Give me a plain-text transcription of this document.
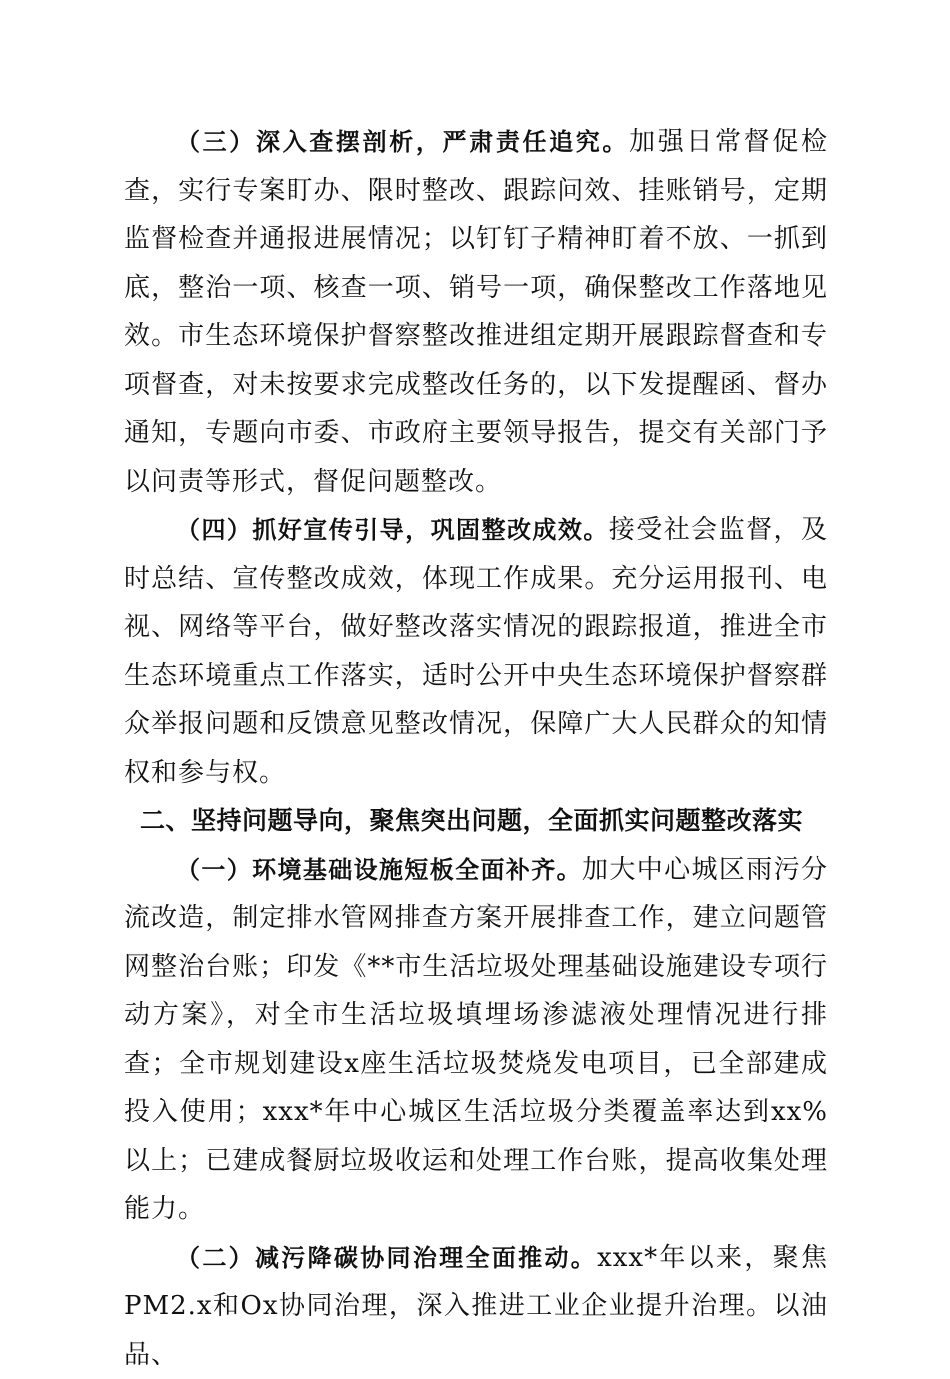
（三）深入查摆剖析，严肃责任追究。加强日常督促检查，实行专案盯办、限时整改、跟踪问效、挂账销号，定期监督检查并通报进展情况；以钉钉子精神盯着不放、一抓到底，整治一项、核查一项、销号一项，确保整改工作落地见效。市生态环境保护督察整改推进组定期开展跟踪督查和专项督查，对未按要求完成整改任务的，以下发提醒函、督办通知，专题向市委、市政府主要领导报告，提交有关部门予以问责等形式，督促问题整改。

（四）抓好宣传引导，巩固整改成效。接受社会监督，及时总结、宣传整改成效，体现工作成果。充分运用报刊、电视、网络等平台，做好整改落实情况的跟踪报道，推进全市生态环境重点工作落实，适时公开中央生态环境保护督察群众举报问题和反馈意见整改情况，保障广大人民群众的知情权和参与权。

二、坚持问题导向，聚焦突出问题，全面抓实问题整改落实

（一）环境基础设施短板全面补齐。加大中心城区雨污分流改造，制定排水管网排查方案开展排查工作，建立问题管网整治台账；印发《**市生活垃圾处理基础设施建设专项行动方案》，对全市生活垃圾填埋场渗滤液处理情况进行排查；全市规划建设x座生活垃圾焚烧发电项目，已全部建成投入使用；xxx*年中心城区生活垃圾分类覆盖率达到xx%以上；已建成餐厨垃圾收运和处理工作台账，提高收集处理能力。

（二）减污降碳协同治理全面推动。xxx*年以来，聚焦PM2.x和Ox协同治理，深入推进工业企业提升治理。以油品、
